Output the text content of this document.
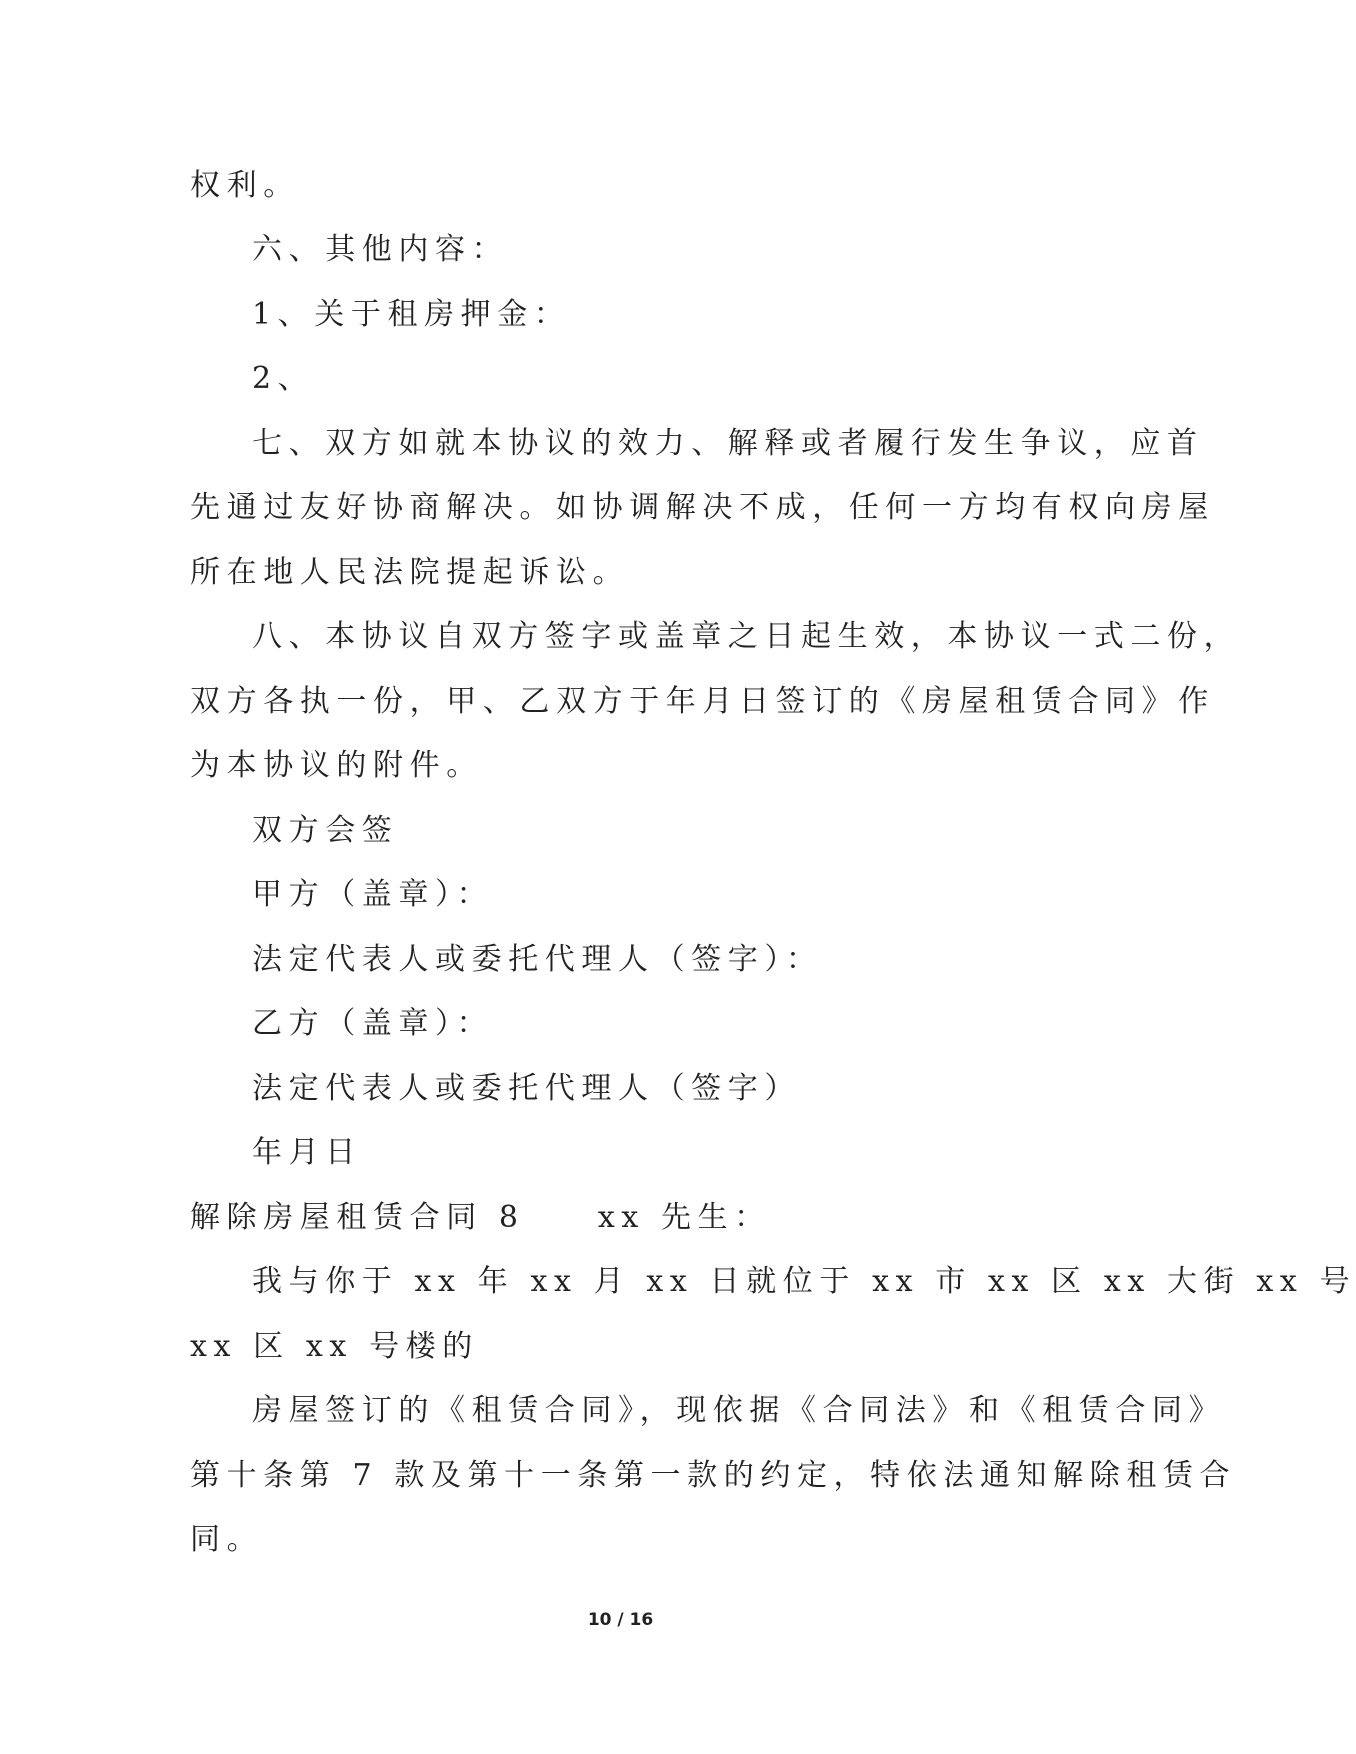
权利。
六、其他内容：
1、关于租房押金：
2、
七、双方如就本协议的效力、解释或者履行发生争议，应首
先通过友好协商解决。如协调解决不成，任何一方均有权向房屋
所在地人民法院提起诉讼。
八、本协议自双方签字或盖章之日起生效，本协议一式二份，
双方各执一份，甲、乙双方于年月日签订的《房屋租赁合同》作
为本协议的附件。
双方会签
甲方（盖章）：
法定代表人或委托代理人（签字）：
乙方（盖章）：
法定代表人或委托代理人（签字）
年月日
解除房屋租赁合同 8　　xx 先生：
我与你于 xx 年 xx 月 xx 日就位于 xx 市 xx 区 xx 大街 xx 号
xx 区 xx 号楼的
房屋签订的《租赁合同》，现依据《合同法》和《租赁合同》
第十条第 7 款及第十一条第一款的约定，特依法通知解除租赁合
同。
10 / 16
